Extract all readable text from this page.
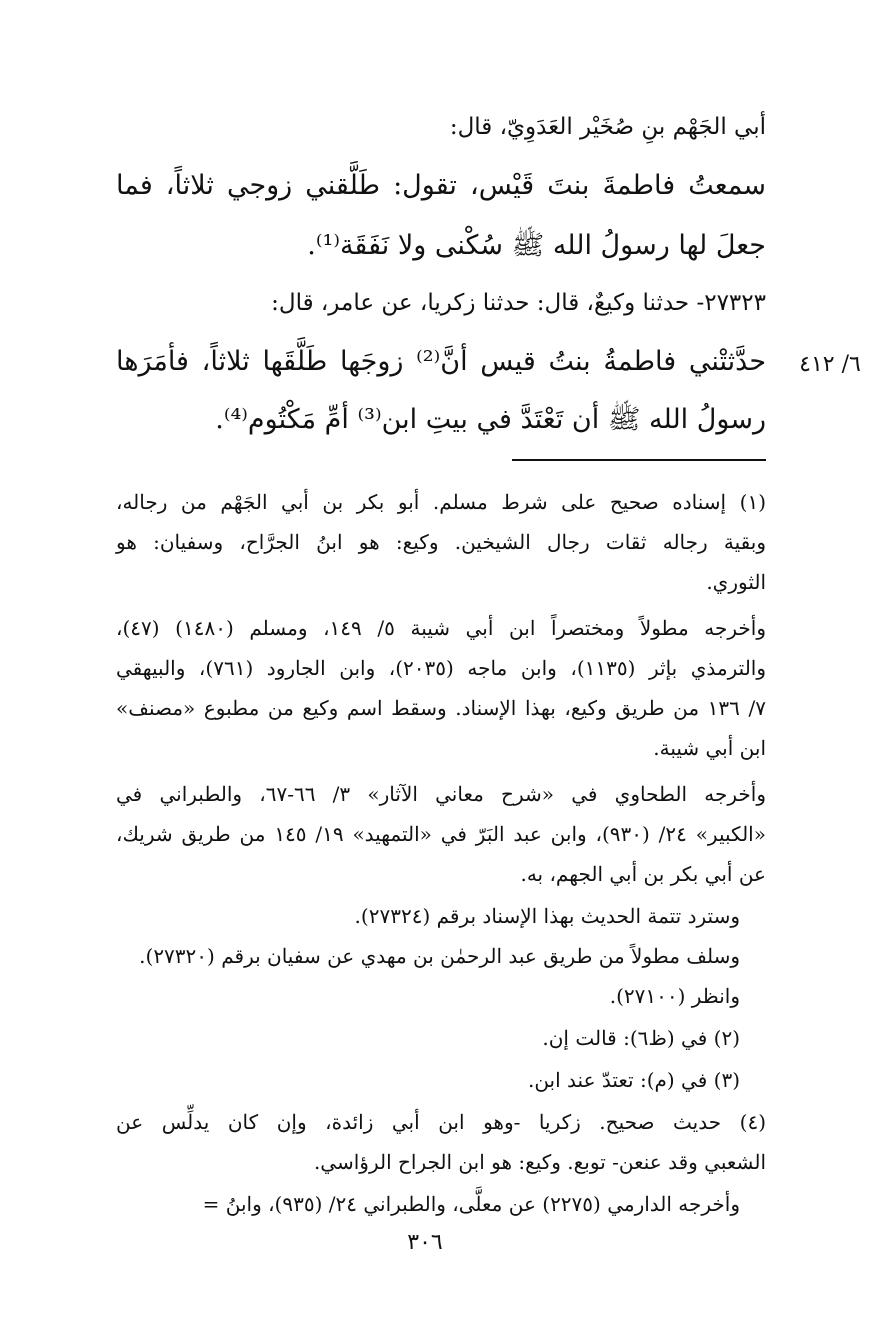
٦/ ٤١٢
أبي الجَهْم بنِ صُخَيْر العَدَوِيّ، قال:
سمعتُ فاطمةَ بنتَ قَيْس، تقول: طَلَّقني زوجي ثلاثاً، فما
جعلَ لها رسولُ الله ﷺ سُكْنى ولا نَفَقَة⁽¹⁾.
٢٧٣٢٣- حدثنا وكيعٌ، قال: حدثنا زكريا، عن عامر، قال:
حدَّثتْني فاطمةُ بنتُ قيس أنَّ⁽²⁾ زوجَها طَلَّقَها ثلاثاً، فأمَرَها
رسولُ الله ﷺ أن تَعْتَدَّ في بيتِ ابن⁽³⁾ أمِّ مَكْتُوم⁽⁴⁾.
(١) إسناده صحيح على شرط مسلم. أبو بكر بن أبي الجَهْم من رجاله،
وبقية رجاله ثقات رجال الشيخين. وكيع: هو ابنُ الجرَّاح، وسفيان: هو
الثوري.
وأخرجه مطولاً ومختصراً ابن أبي شيبة ٥/ ١٤٩، ومسلم (١٤٨٠) (٤٧)،
والترمذي بإثر (١١٣٥)، وابن ماجه (٢٠٣٥)، وابن الجارود (٧٦١)، والبيهقي
٧/ ١٣٦ من طريق وكيع، بهذا الإسناد. وسقط اسم وكيع من مطبوع «مصنف»
ابن أبي شيبة.
وأخرجه الطحاوي في «شرح معاني الآثار» ٣/ ٦٦-٦٧، والطبراني في
«الكبير» ٢٤/ (٩٣٠)، وابن عبد البَرّ في «التمهيد» ١٩/ ١٤٥ من طريق شريك،
عن أبي بكر بن أبي الجهم، به.
وسترد تتمة الحديث بهذا الإسناد برقم (٢٧٣٢٤).
وسلف مطولاً من طريق عبد الرحمٰن بن مهدي عن سفيان برقم (٢٧٣٢٠).
وانظر (٢٧١٠٠).
(٢) في (ظ٦): قالت إن.
(٣) في (م): تعتدّ عند ابن.
(٤) حديث صحيح. زكريا -وهو ابن أبي زائدة، وإن كان يدلِّس عن
الشعبي وقد عنعن- توبع. وكيع: هو ابن الجراح الرؤاسي.
وأخرجه الدارمي (٢٢٧٥) عن معلَّى، والطبراني ٢٤/ (٩٣٥)، وابنُ =
٣٠٦
